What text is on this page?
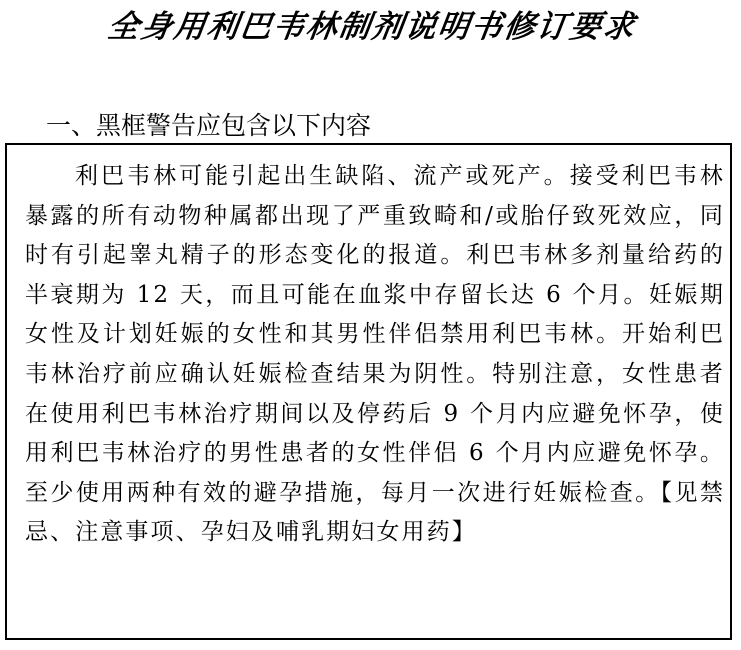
全身用利巴韦林制剂说明书修订要求
一、黑框警告应包含以下内容

利巴韦林可能引起出生缺陷、流产或死产。接受利巴韦林暴露的所有动物种属都出现了严重致畸和/或胎仔致死效应，同时有引起睾丸精子的形态变化的报道。利巴韦林多剂量给药的半衰期为 12 天，而且可能在血浆中存留长达 6 个月。妊娠期女性及计划妊娠的女性和其男性伴侣禁用利巴韦林。开始利巴韦林治疗前应确认妊娠检查结果为阴性。特别注意，女性患者在使用利巴韦林治疗期间以及停药后 9 个月内应避免怀孕，使用利巴韦林治疗的男性患者的女性伴侣 6 个月内应避免怀孕。至少使用两种有效的避孕措施，每月一次进行妊娠检查。【见禁忌、注意事项、孕妇及哺乳期妇女用药】
